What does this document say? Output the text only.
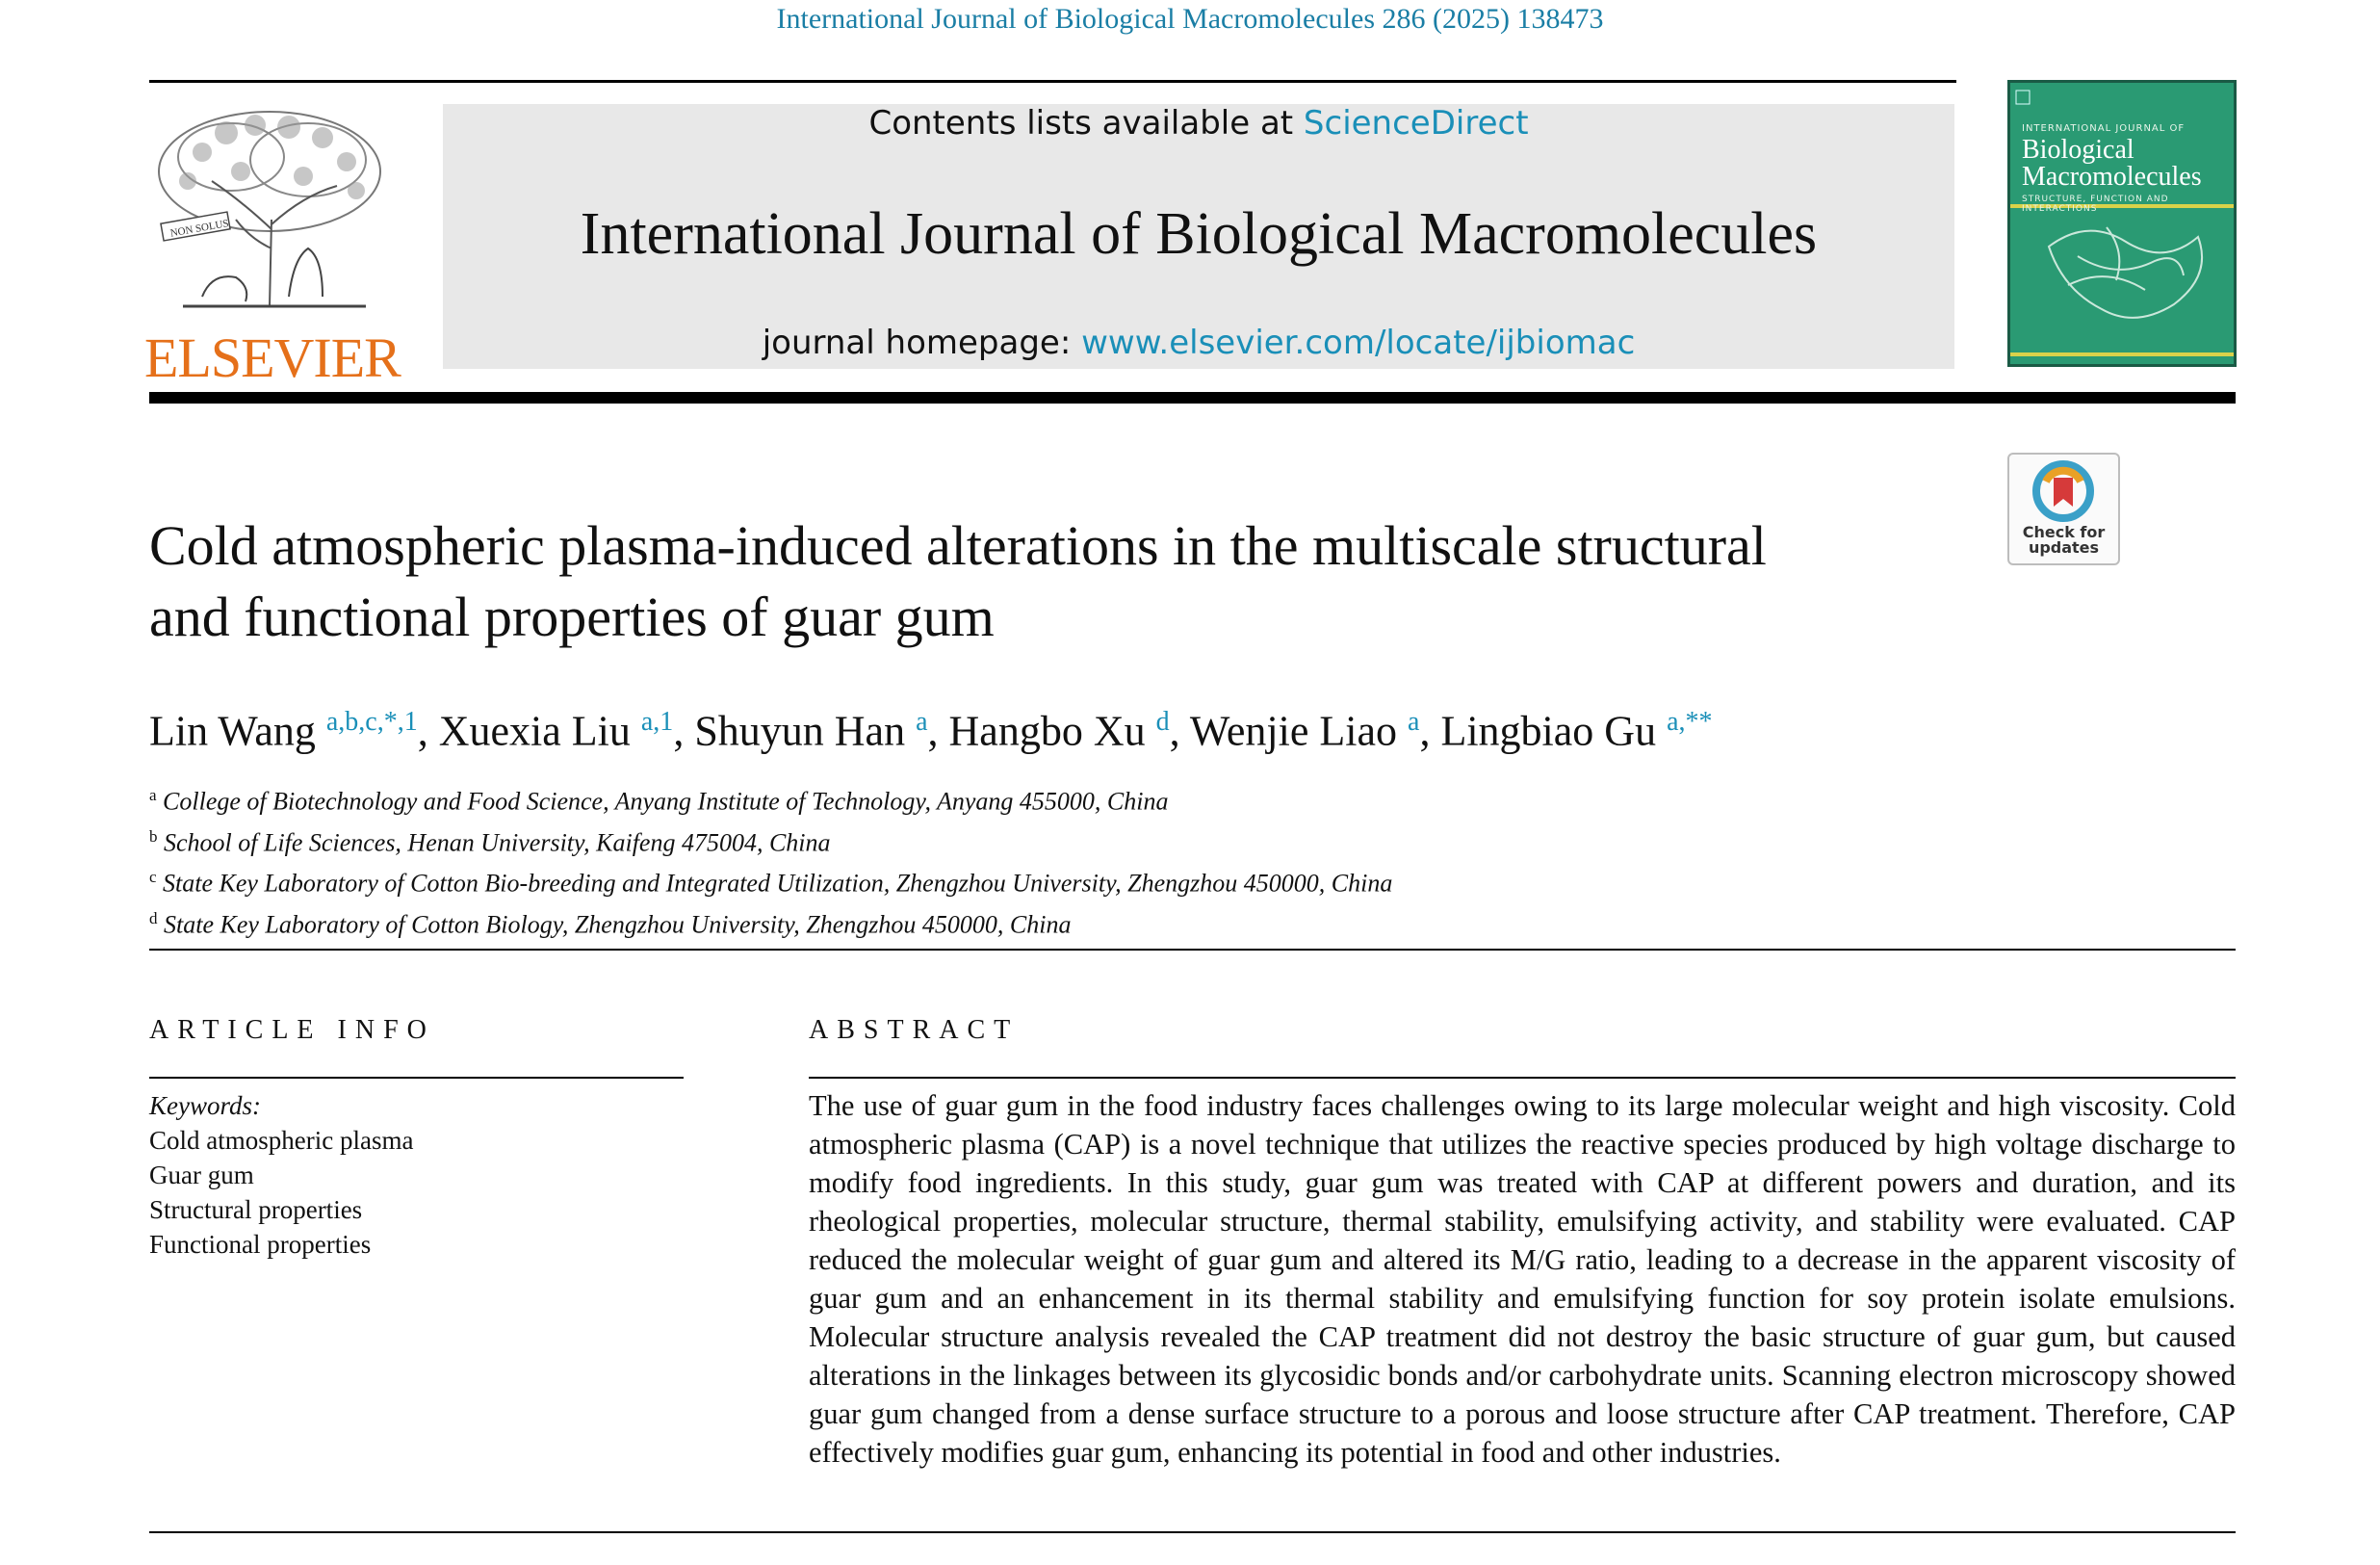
International Journal of Biological Macromolecules 286 (2025) 138473
NON SOLUS
ELSEVIER
Contents lists available at ScienceDirect
International Journal of Biological Macromolecules
journal homepage: www.elsevier.com/locate/ijbiomac
INTERNATIONAL JOURNAL OF
Biological
Macromolecules
STRUCTURE, FUNCTION AND INTERACTIONS
Check for
updates
Cold atmospheric plasma-induced alterations in the multiscale structural
and functional properties of guar gum
Lin Wang $^{a,b,c,*,1}$, Xuexia Liu $^{a,1}$, Shuyun Han $^a$, Hangbo Xu $^d$, Wenjie Liao $^a$, Lingbiao Gu $^{a,**}$
$^a$ College of Biotechnology and Food Science, Anyang Institute of Technology, Anyang 455000, China
$^b$ School of Life Sciences, Henan University, Kaifeng 475004, China
$^c$ State Key Laboratory of Cotton Bio-breeding and Integrated Utilization, Zhengzhou University, Zhengzhou 450000, China
$^d$ State Key Laboratory of Cotton Biology, Zhengzhou University, Zhengzhou 450000, China
ARTICLE INFO
Keywords:
Cold atmospheric plasma
Guar gum
Structural properties
Functional properties
ABSTRACT
The use of guar gum in the food industry faces challenges owing to its large molecular weight and high viscosity. Cold atmospheric plasma (CAP) is a novel technique that utilizes the reactive species produced by high voltage discharge to modify food ingredients. In this study, guar gum was treated with CAP at different powers and duration, and its rheological properties, molecular structure, thermal stability, emulsifying activity, and stability were evaluated. CAP reduced the molecular weight of guar gum and altered its M/G ratio, leading to a decrease in the apparent viscosity of guar gum and an enhancement in its thermal stability and emulsifying function for soy protein isolate emulsions. Molecular structure analysis revealed the CAP treatment did not destroy the basic structure of guar gum, but caused alterations in the linkages between its glycosidic bonds and/or carbohydrate units. Scanning electron microscopy showed guar gum changed from a dense surface structure to a porous and loose structure after CAP treatment. Therefore, CAP effectively modifies guar gum, enhancing its potential in food and other industries.
